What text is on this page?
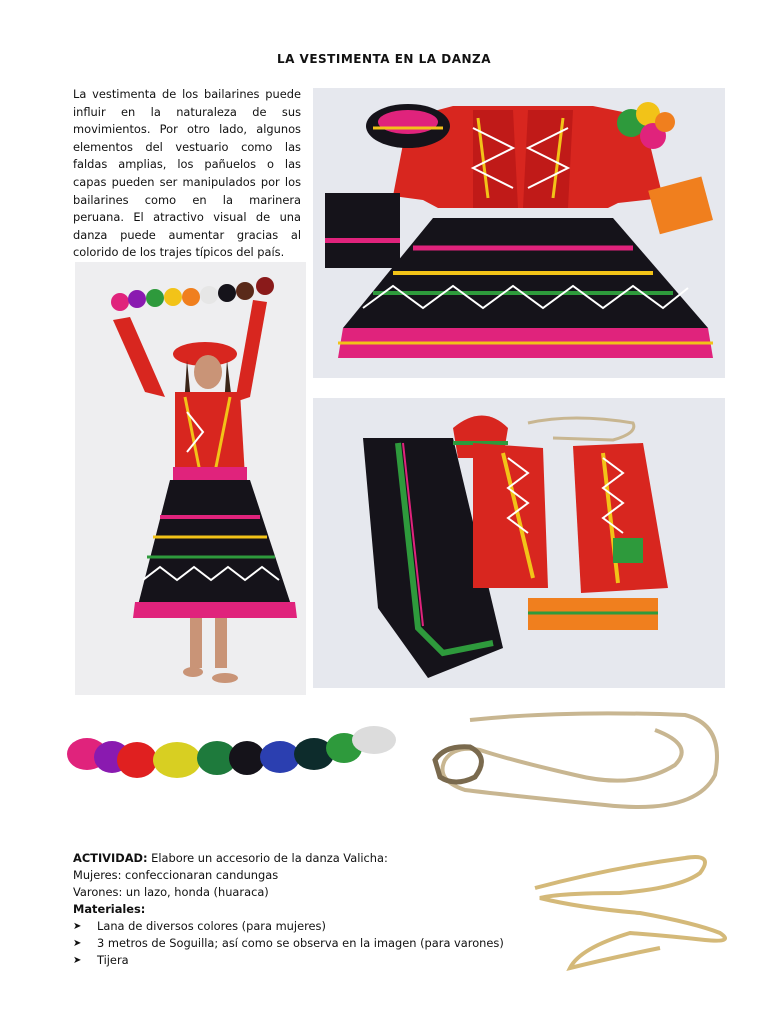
LA VESTIMENTA EN LA DANZA
La vestimenta de los bailarines puede influir en la naturaleza de sus movimientos. Por otro lado, algunos elementos del vestuario como las faldas amplias, los pañuelos o las capas pueden ser manipulados por los bailarines como en la marinera peruana. El atractivo visual de una danza puede aumentar gracias al colorido de los trajes típicos del país.
ACTIVIDAD: Elabore un accesorio de la danza Valicha:
Mujeres: confeccionaran candungas
Varones: un lazo, honda (huaraca)
Materiales:
➤ Lana de diversos colores (para mujeres)
➤ 3 metros de Soguilla; así como se observa en la imagen (para varones)
➤ Tijera
